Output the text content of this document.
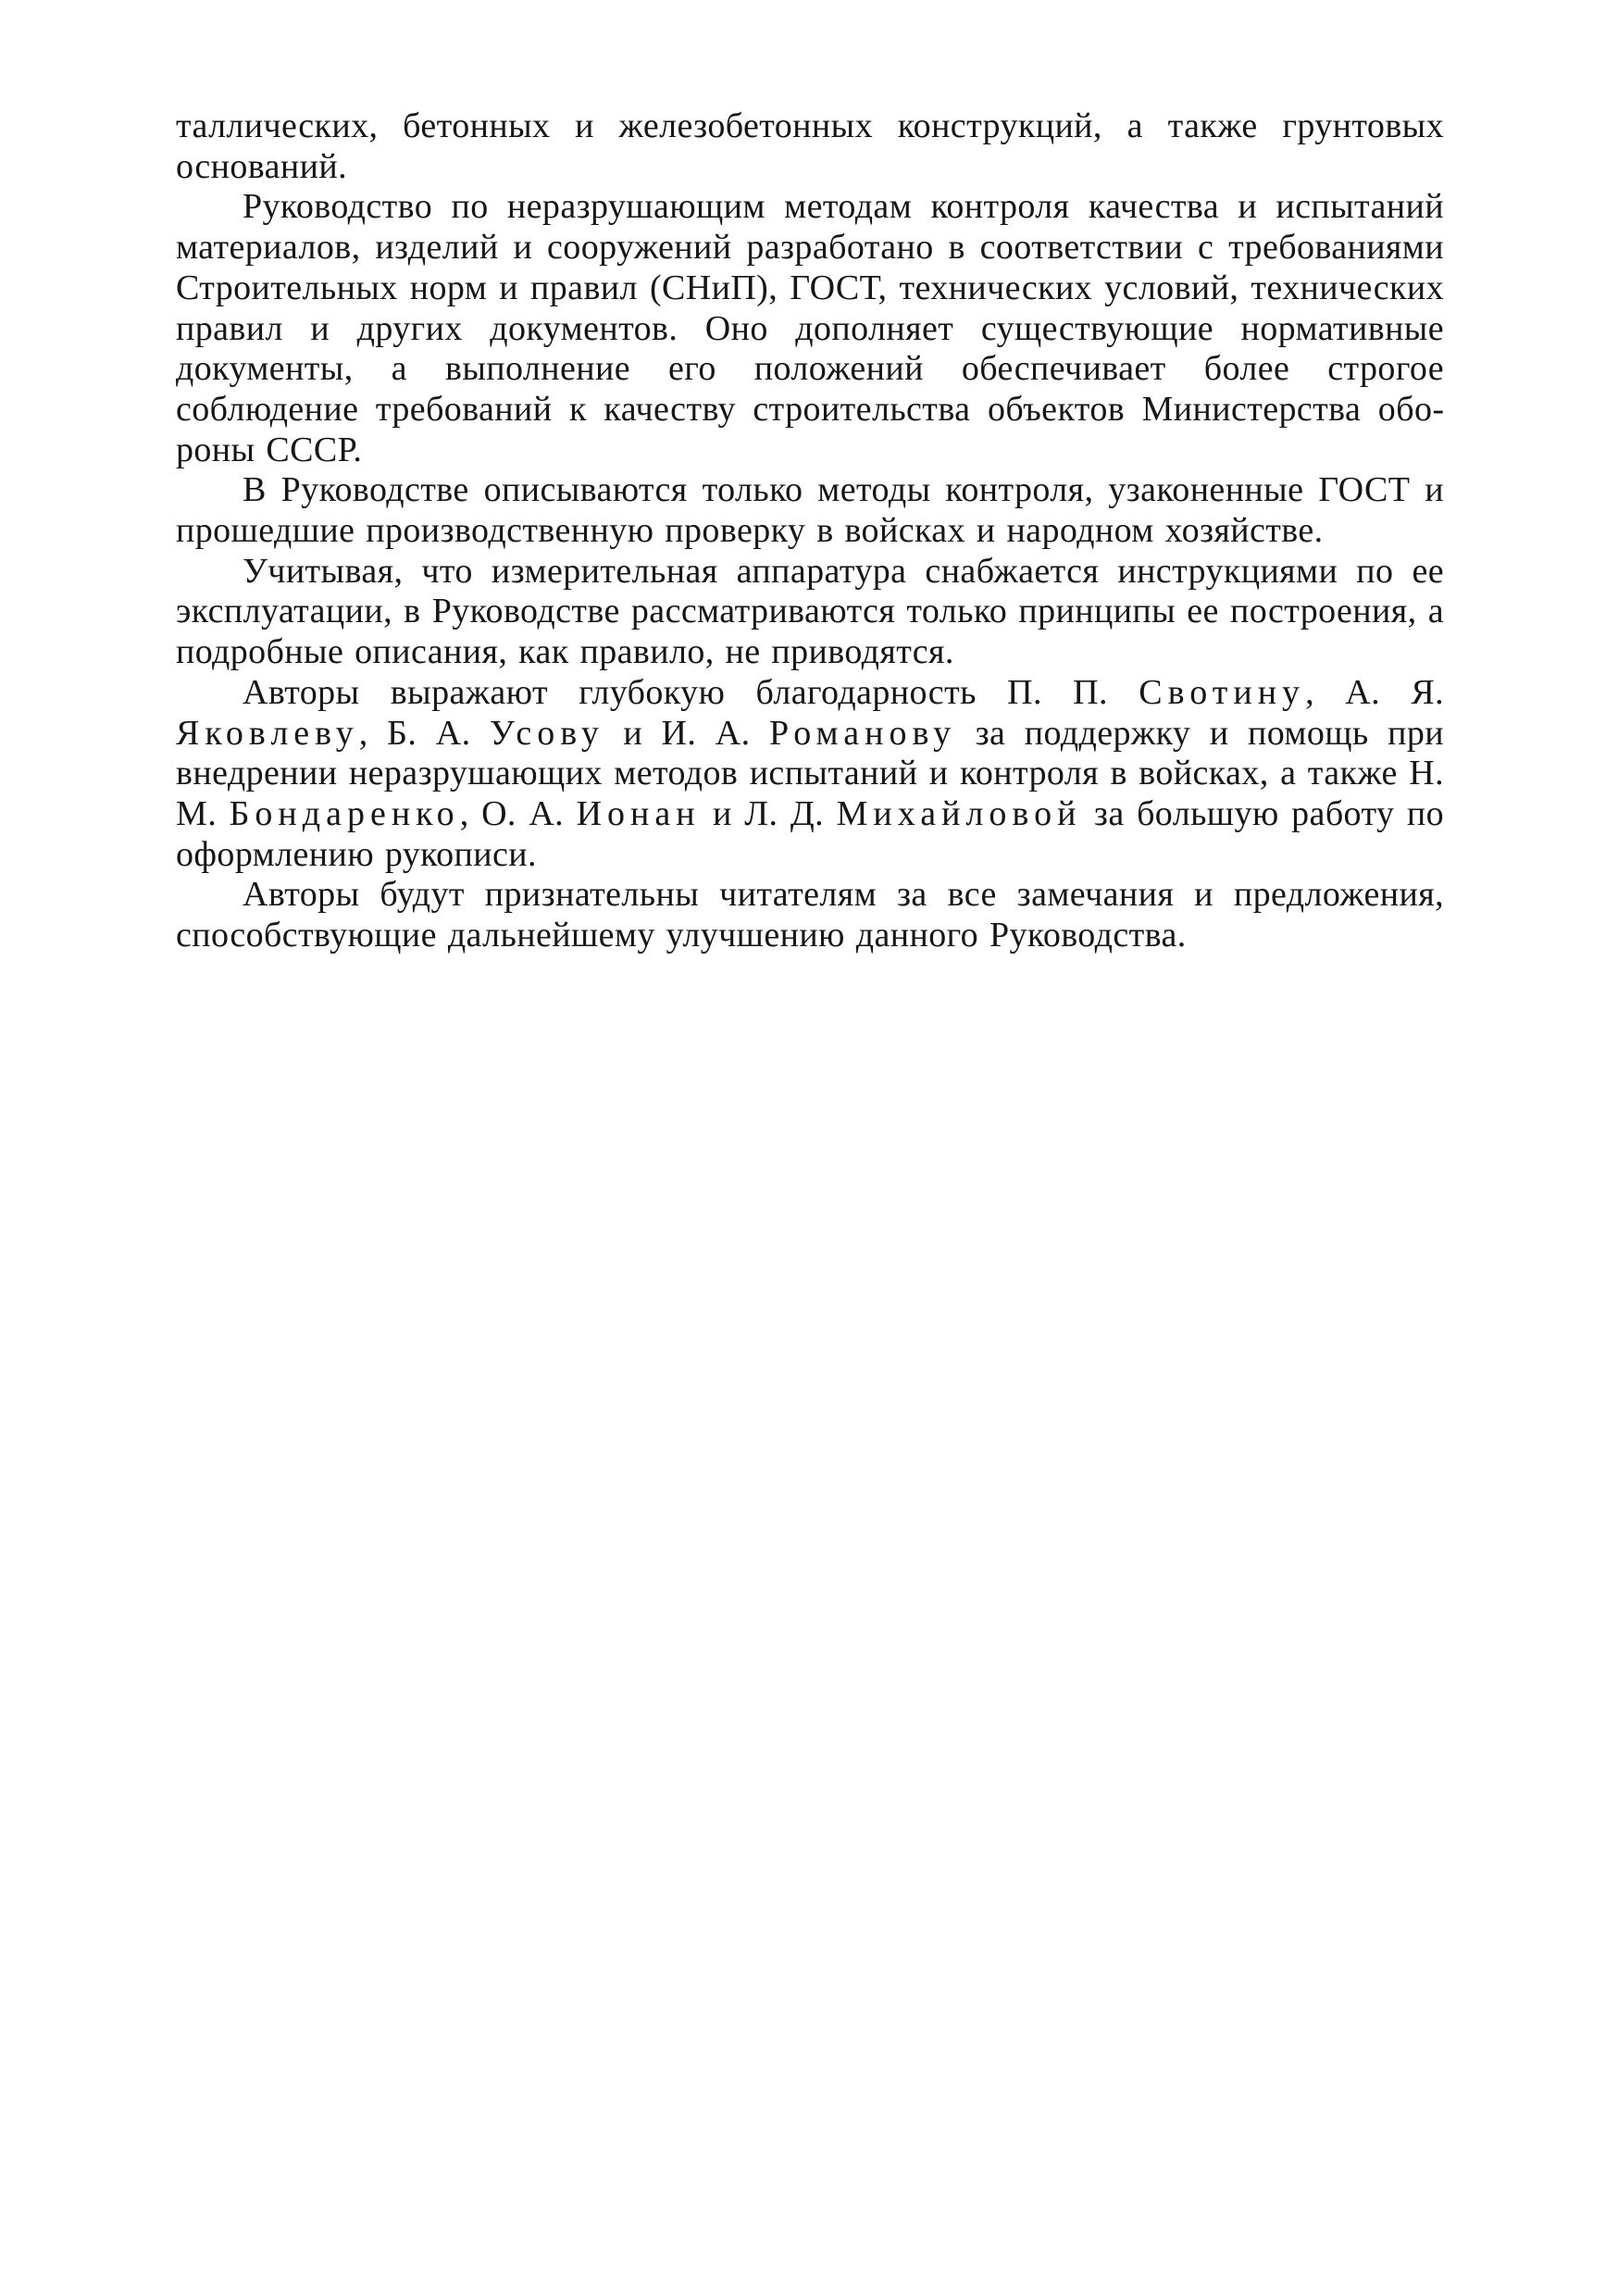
таллических, бетонных и железобетонных конструкций, а также грунтовых оснований.

Руководство по неразрушающим методам контроля качества и испытаний материалов, изделий и сооружений разработано в соответствии с требованиями Строительных норм и правил (СНиП), ГОСТ, технических условий, технических правил и других документов. Оно дополняет существующие нормативные документы, а выполнение его положений обеспечивает более строгое соблюдение требований к качеству строительства объектов Министерства обороны СССР.

В Руководстве описываются только методы контроля, узаконенные ГОСТ и прошедшие производственную проверку в войсках и народном хозяйстве.

Учитывая, что измерительная аппаратура снабжается инструкциями по ее эксплуатации, в Руководстве рассматриваются только принципы ее построения, а подробные описания, как правило, не приводятся.

Авторы выражают глубокую благодарность П. П. Свотину, А. Я. Яковлеву, Б. А. Усову и И. А. Романову за поддержку и помощь при внедрении неразрушающих методов испытаний и контроля в войсках, а также Н. М. Бондаренко, О. А. Ионан и Л. Д. Михайловой за большую работу по оформлению рукописи.

Авторы будут признательны читателям за все замечания и предложения, способствующие дальнейшему улучшению данного Руководства.
